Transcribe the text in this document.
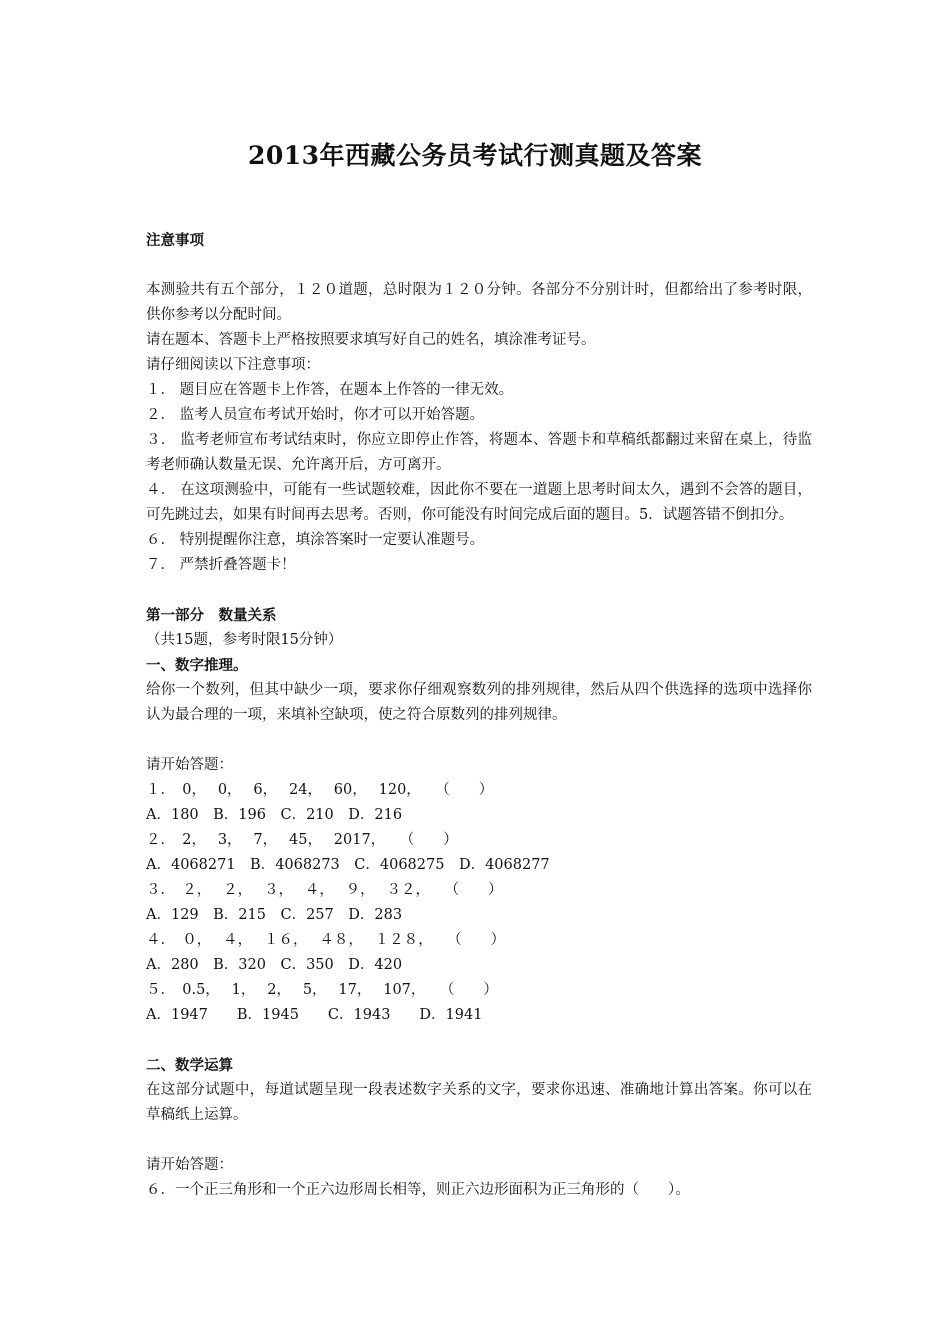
2013年西藏公务员考试行测真题及答案
注意事项
本测验共有五个部分，１２０道题，总时限为１２０分钟。各部分不分别计时，但都给出了参考时限，供你参考以分配时间。
请在题本、答题卡上严格按照要求填写好自己的姓名，填涂准考证号。
请仔细阅读以下注意事项：
１． 题目应在答题卡上作答，在题本上作答的一律无效。
２． 监考人员宣布考试开始时，你才可以开始答题。
３． 监考老师宣布考试结束时，你应立即停止作答，将题本、答题卡和草稿纸都翻过来留在桌上，待监考老师确认数量无误、允许离开后，方可离开。
４． 在这项测验中，可能有一些试题较难，因此你不要在一道题上思考时间太久，遇到不会答的题目，可先跳过去，如果有时间再去思考。否则，你可能没有时间完成后面的题目。5．试题答错不倒扣分。
６． 特别提醒你注意，填涂答案时一定要认准题号。
７． 严禁折叠答题卡！
第一部分　数量关系
（共15题，参考时限15分钟）
一、数字推理。
给你一个数列，但其中缺少一项，要求你仔细观察数列的排列规律，然后从四个供选择的选项中选择你认为最合理的一项，来填补空缺项，使之符合原数列的排列规律。
请开始答题：
１．　0，　 0，　 6，　 24，　 60，　 120，　　（　　）
A．180　B．196　C．210　D．216
２．　2，　 3，　 7，　 45，　 2017，　　（　　）
A．4068271　B．4068273　C．4068275　D．4068277
３．　２，　 ２，　 ３，　 ４，　 ９，　 ３２，　　（　　）
A．129　B．215　C．257　D．283
４．　０，　 ４，　 １６，　 ４８，　 １２８，　　（　　）
A．280　B．320　C．350　D．420
５．　0.5，　 1，　 2，　 5，　 17，　 107，　　（　　）
A．1947　　B．1945　　C．1943　　D．1941
二、数学运算
在这部分试题中，每道试题呈现一段表述数字关系的文字，要求你迅速、准确地计算出答案。你可以在草稿纸上运算。
请开始答题：
６．一个正三角形和一个正六边形周长相等，则正六边形面积为正三角形的（　　）。
